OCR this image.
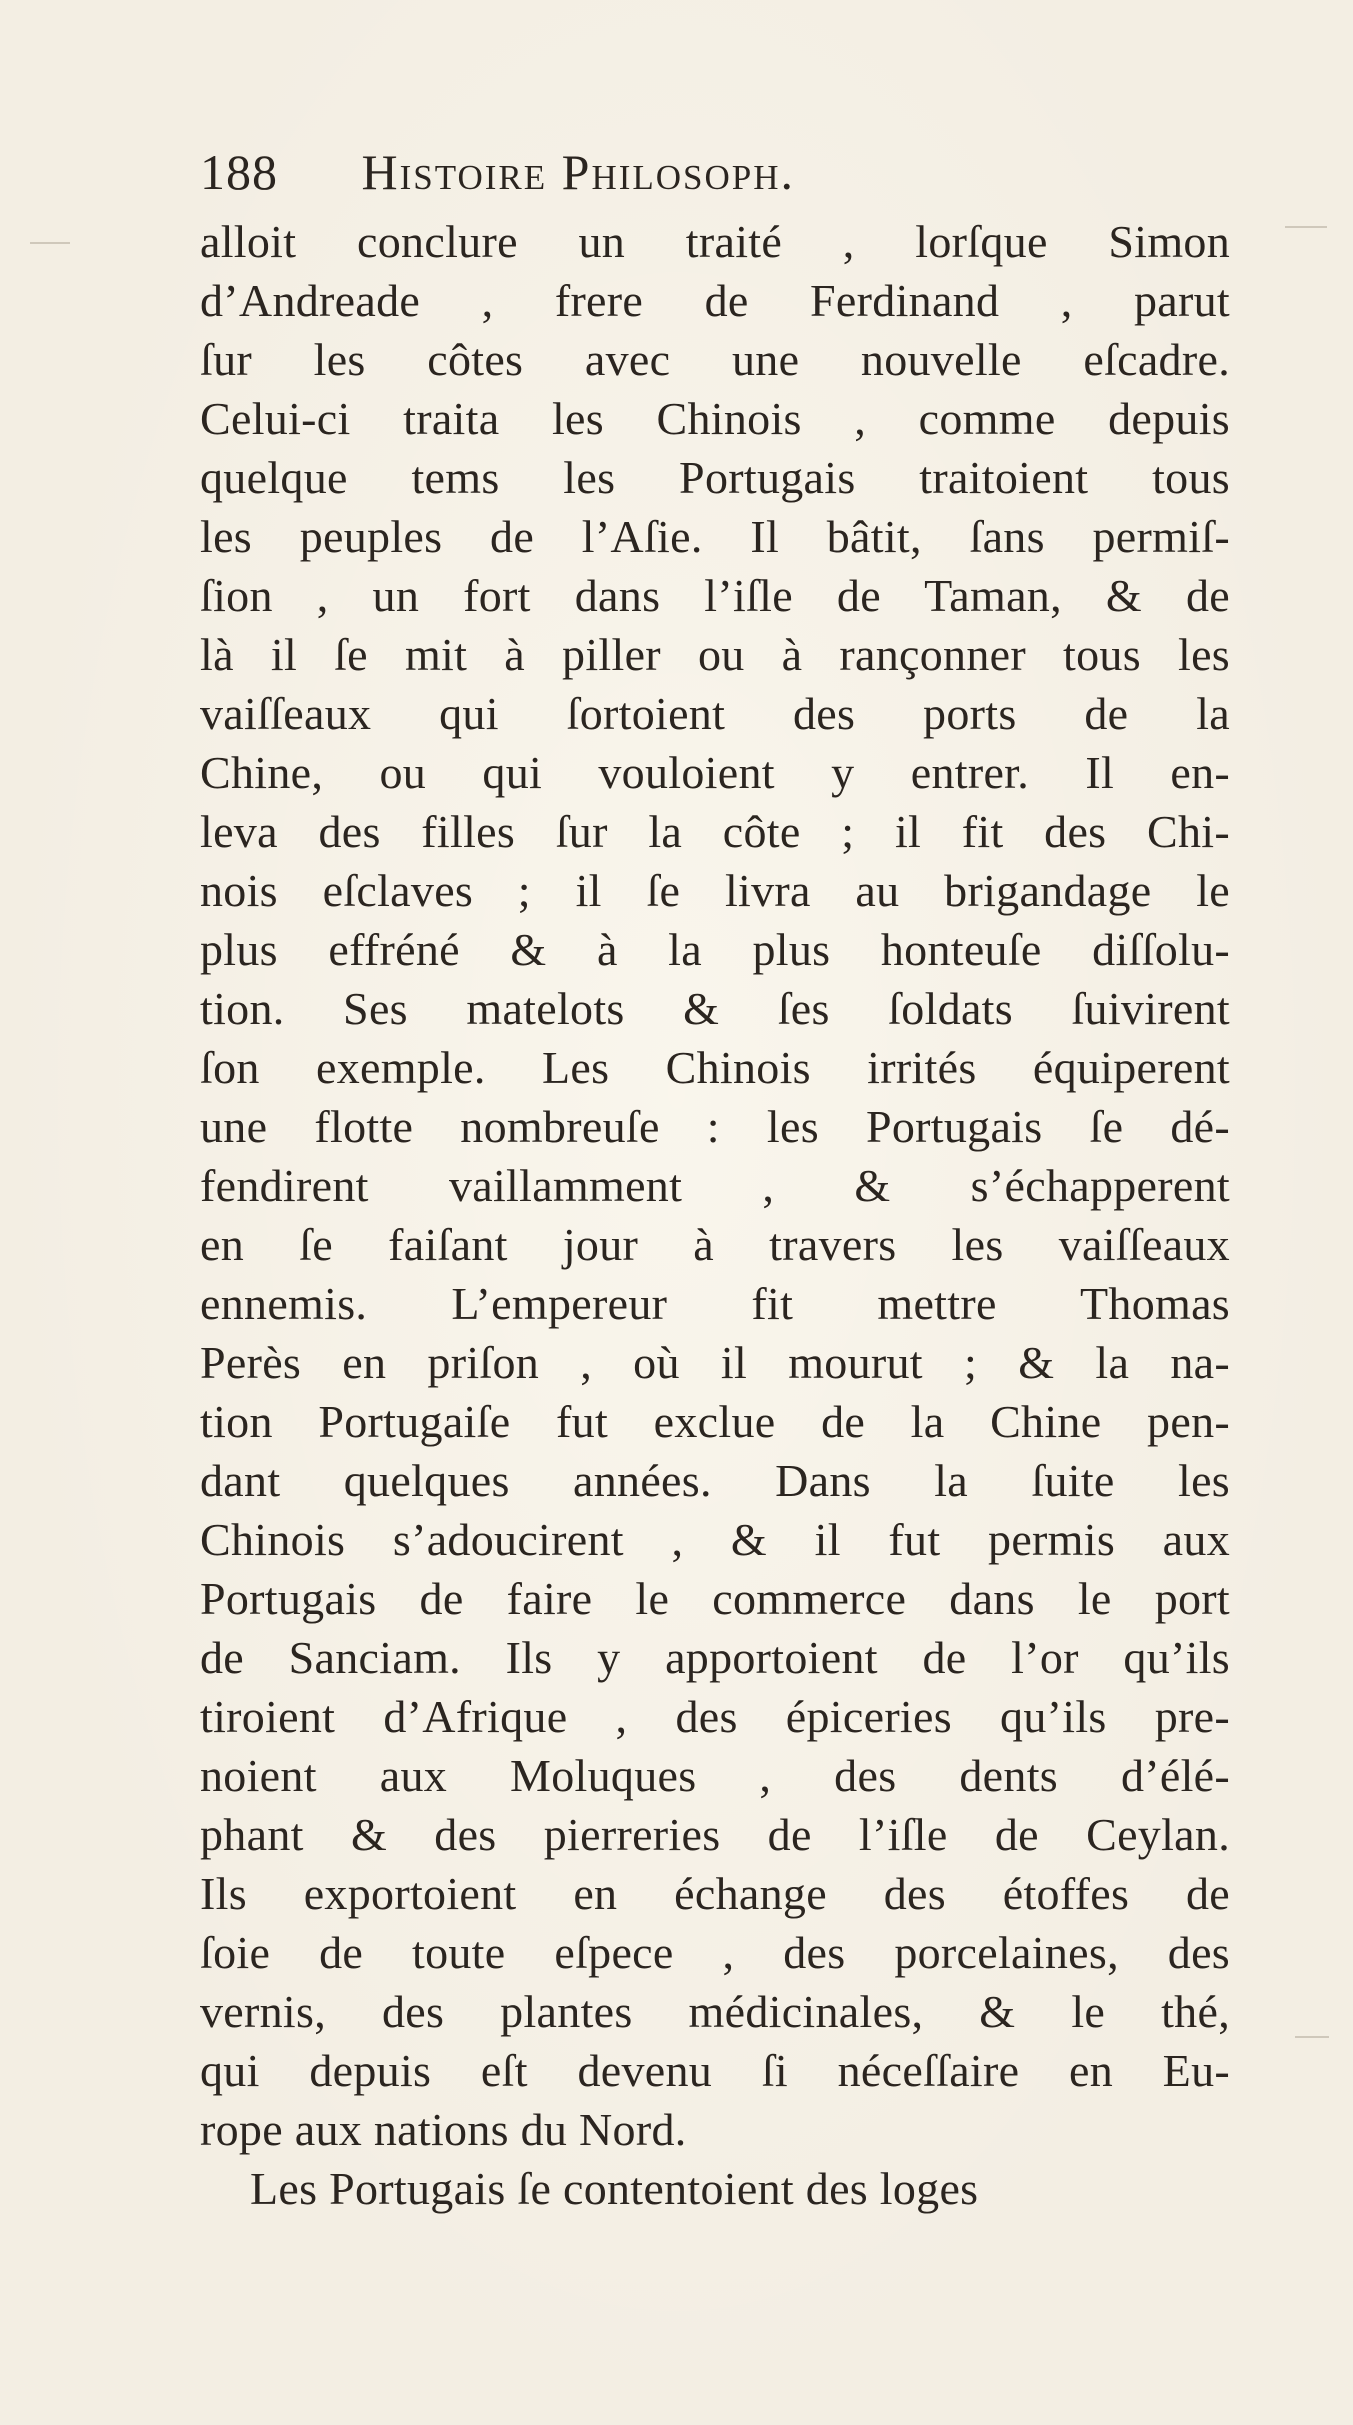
188 Histoire Philosoph.
alloit conclure un traité , lorſque Simon
d’Andreade , frere de Ferdinand , parut
ſur les côtes avec une nouvelle eſcadre.
Celui-ci traita les Chinois , comme depuis
quelque tems les Portugais traitoient tous
les peuples de l’Aſie. Il bâtit, ſans permiſ-
ſion , un fort dans l’iſle de Taman, & de
là il ſe mit à piller ou à rançonner tous les
vaiſſeaux qui ſortoient des ports de la
Chine, ou qui vouloient y entrer. Il en-
leva des filles ſur la côte ; il fit des Chi-
nois eſclaves ; il ſe livra au brigandage le
plus effréné & à la plus honteuſe diſſolu-
tion. Ses matelots & ſes ſoldats ſuivirent
ſon exemple. Les Chinois irrités équiperent
une flotte nombreuſe : les Portugais ſe dé-
fendirent vaillamment , & s’échapperent
en ſe faiſant jour à travers les vaiſſeaux
ennemis. L’empereur fit mettre Thomas
Perès en priſon , où il mourut ; & la na-
tion Portugaiſe fut exclue de la Chine pen-
dant quelques années. Dans la ſuite les
Chinois s’adoucirent , & il fut permis aux
Portugais de faire le commerce dans le port
de Sanciam. Ils y apportoient de l’or qu’ils
tiroient d’Afrique , des épiceries qu’ils pre-
noient aux Moluques , des dents d’élé-
phant & des pierreries de l’iſle de Ceylan.
Ils exportoient en échange des étoffes de
ſoie de toute eſpece , des porcelaines, des
vernis, des plantes médicinales, & le thé,
qui depuis eſt devenu ſi néceſſaire en Eu-
rope aux nations du Nord.
Les Portugais ſe contentoient des loges
